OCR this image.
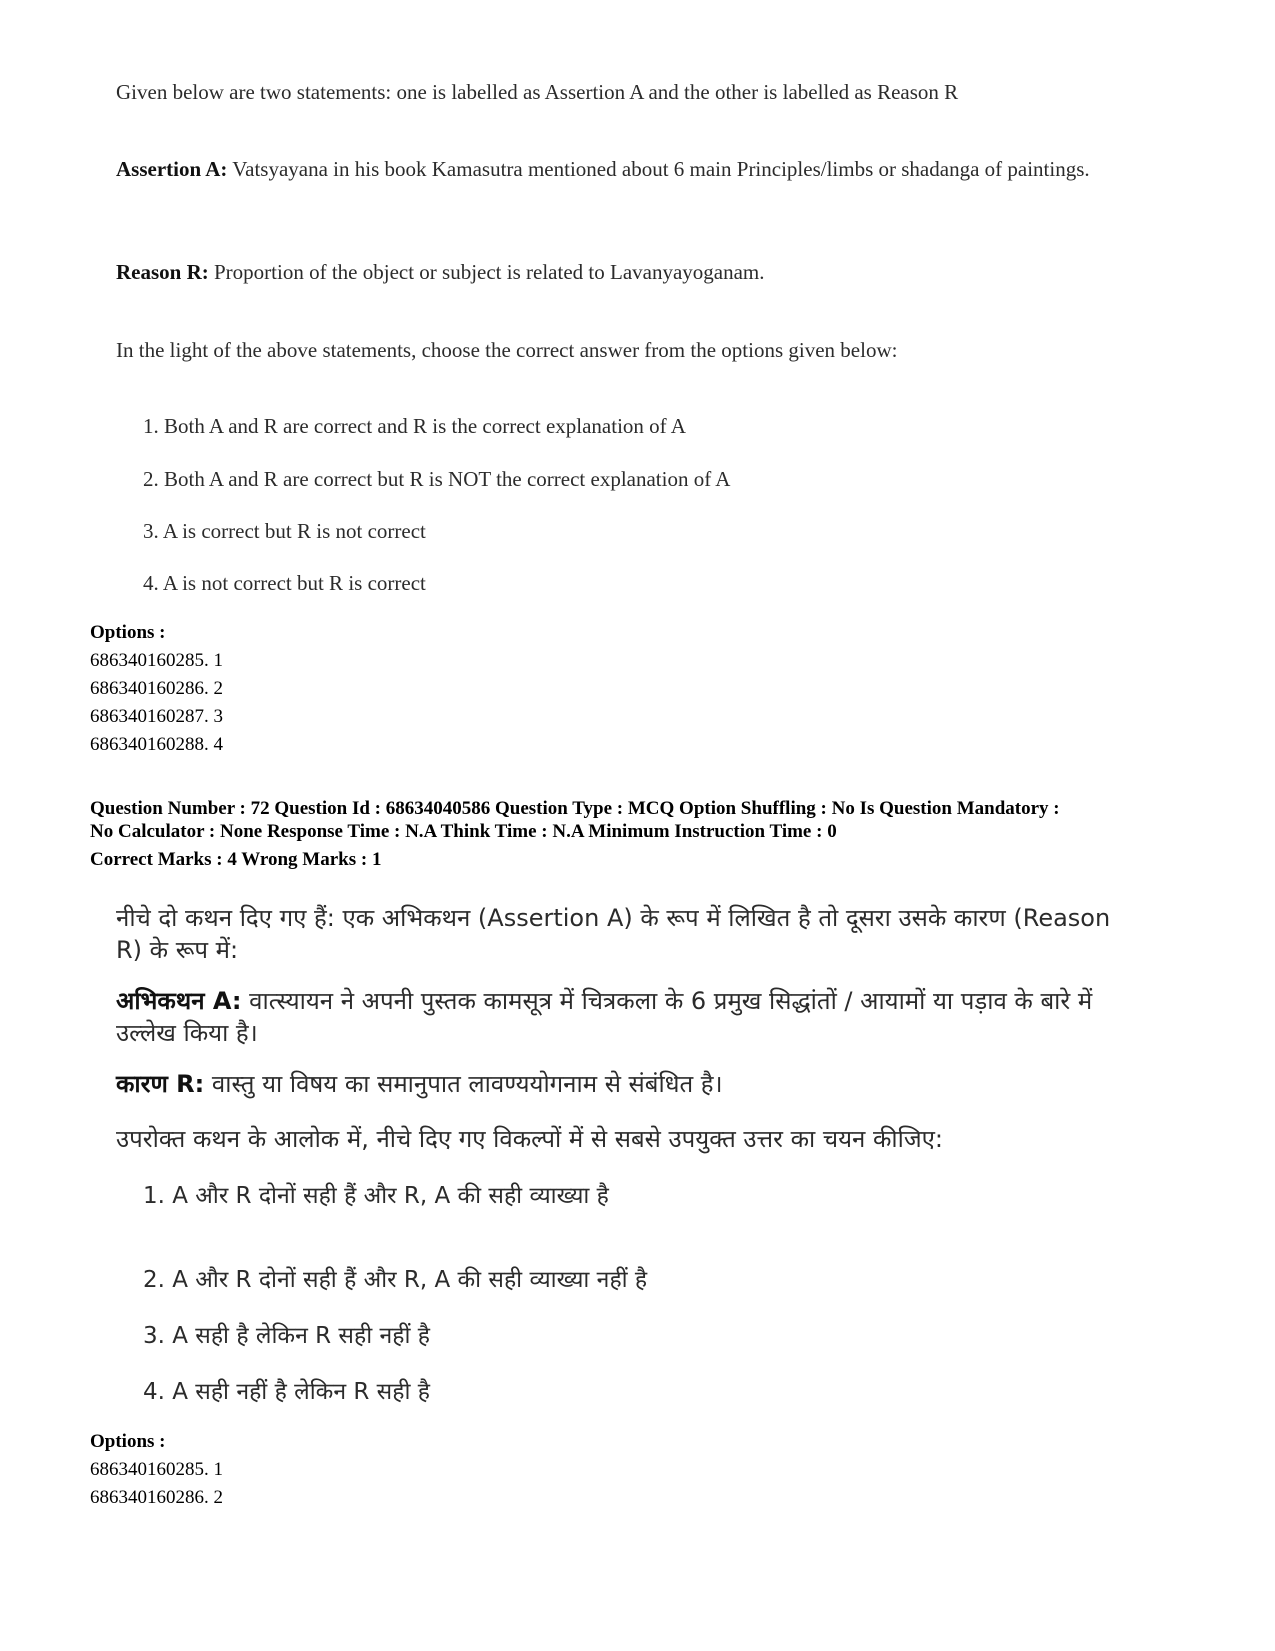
Given below are two statements: one is labelled as Assertion A and the other is labelled as Reason R
Assertion A: Vatsyayana in his book Kamasutra mentioned about 6 main Principles/limbs or shadanga of paintings.
Reason R: Proportion of the object or subject is related to Lavanyayoganam.
In the light of the above statements, choose the correct answer from the options given below:
1. Both A and R are correct and R is the correct explanation of A
2. Both A and R are correct but R is NOT the correct explanation of A
3. A is correct but R is not correct
4. A is not correct but R is correct
Options :
686340160285. 1
686340160286. 2
686340160287. 3
686340160288. 4
Question Number : 72 Question Id : 68634040586 Question Type : MCQ Option Shuffling : No Is Question Mandatory :
No Calculator : None Response Time : N.A Think Time : N.A Minimum Instruction Time : 0
Correct Marks : 4 Wrong Marks : 1
नीचे दो कथन दिए गए हैं: एक अभिकथन (Assertion A) के रूप में लिखित है तो दूसरा उसके कारण (Reason R) के रूप में:
अभिकथन A: वात्स्यायन ने अपनी पुस्तक कामसूत्र में चित्रकला के 6 प्रमुख सिद्धांतों / आयामों या पड़ाव के बारे में उल्लेख किया है।
कारण R: वास्तु या विषय का समानुपात लावण्ययोगनाम से संबंधित है।
उपरोक्त कथन के आलोक में, नीचे दिए गए विकल्पों में से सबसे उपयुक्त उत्तर का चयन कीजिए:
1. A और R दोनों सही हैं और R, A की सही व्याख्या है
2. A और R दोनों सही हैं और R, A की सही व्याख्या नहीं है
3. A सही है लेकिन R सही नहीं है
4. A सही नहीं है लेकिन R सही है
Options :
686340160285. 1
686340160286. 2
